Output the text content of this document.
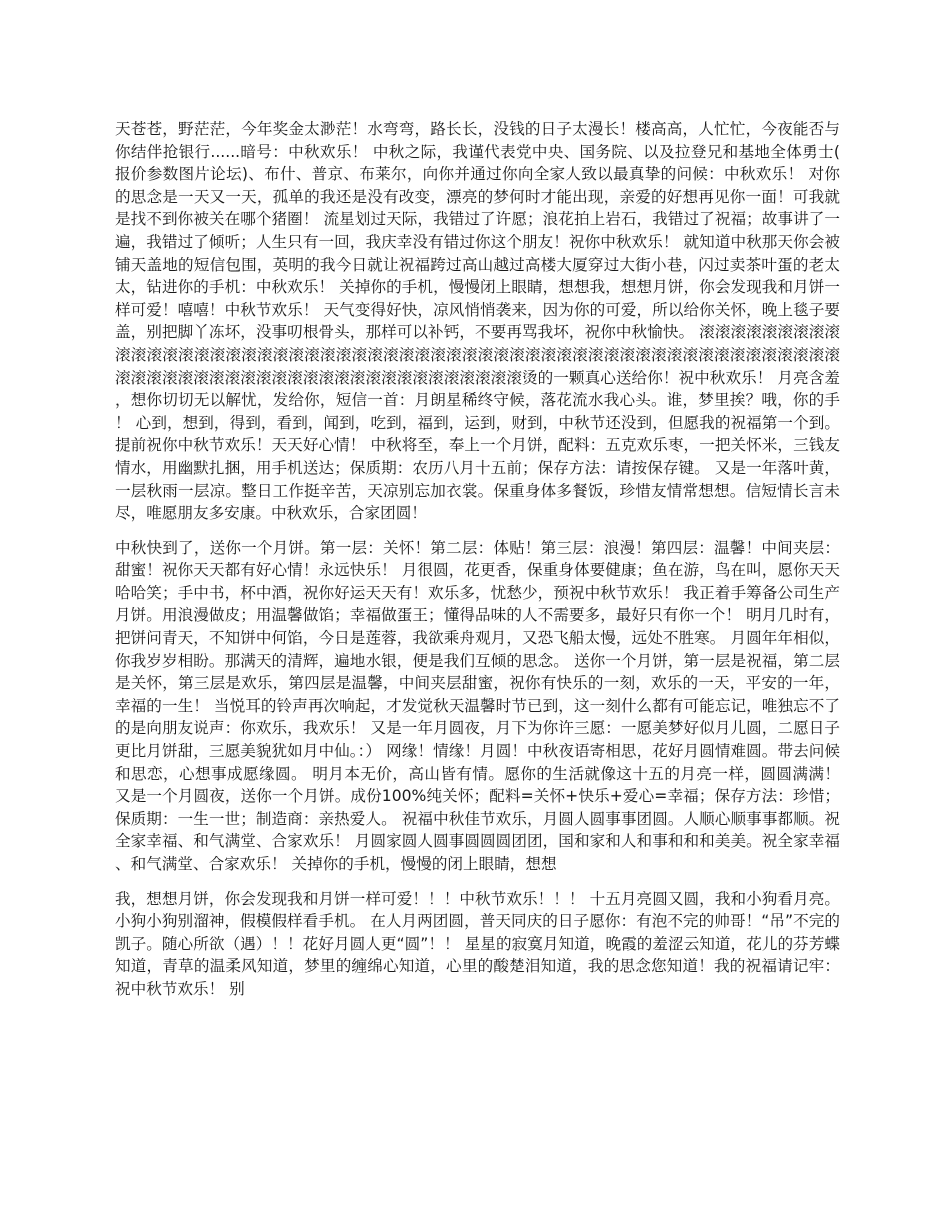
天苍苍，野茫茫，今年奖金太渺茫！水弯弯，路长长，没钱的日子太漫长！楼高高，人忙忙，今夜能否与你结伴抢银行......暗号：中秋欢乐！ 中秋之际，我谨代表党中央、国务院、以及拉登兄和基地全体勇士(报价参数图片论坛)、布什、普京、布莱尔，向你并通过你向全家人致以最真挚的问候：中秋欢乐！ 对你的思念是一天又一天，孤单的我还是没有改变，漂亮的梦何时才能出现，亲爱的好想再见你一面！可我就是找不到你被关在哪个猪圈！ 流星划过天际，我错过了许愿；浪花拍上岩石，我错过了祝福；故事讲了一遍，我错过了倾听；人生只有一回，我庆幸没有错过你这个朋友！祝你中秋欢乐！ 就知道中秋那天你会被铺天盖地的短信包围，英明的我今日就让祝福跨过高山越过高楼大厦穿过大街小巷，闪过卖茶叶蛋的老太太，钻进你的手机：中秋欢乐！ 关掉你的手机，慢慢闭上眼睛，想想我，想想月饼，你会发现我和月饼一样可爱！嘻嘻！中秋节欢乐！ 天气变得好快，凉风悄悄袭来，因为你的可爱，所以给你关怀，晚上毯子要盖，别把脚丫冻坏，没事叨根骨头，那样可以补钙，不要再骂我坏，祝你中秋愉快。 滚滚滚滚滚滚滚滚滚滚滚滚滚滚滚滚滚滚滚滚滚滚滚滚滚滚滚滚滚滚滚滚滚滚滚滚滚滚滚滚滚滚滚滚滚滚滚滚滚滚滚滚滚滚滚滚滚滚滚滚滚滚滚滚滚滚滚滚滚滚滚滚滚滚滚滚滚滚滚滚滚烫的一颗真心送给你！祝中秋欢乐！ 月亮含羞，想你切切无以解忧，发给你，短信一首：月朗星稀终守候，落花流水我心头。谁，梦里挨？哦，你的手！ 心到，想到，得到，看到，闻到，吃到，福到，运到，财到，中秋节还没到，但愿我的祝福第一个到。提前祝你中秋节欢乐！天天好心情！ 中秋将至，奉上一个月饼，配料：五克欢乐枣，一把关怀米，三钱友情水，用幽默扎捆，用手机送达；保质期：农历八月十五前；保存方法：请按保存键。 又是一年落叶黄，一层秋雨一层凉。整日工作挺辛苦，天凉别忘加衣裳。保重身体多餐饭，珍惜友情常想想。信短情长言未尽，唯愿朋友多安康。中秋欢乐，合家团圆！

中秋快到了，送你一个月饼。第一层：关怀！第二层：体贴！第三层：浪漫！第四层：温馨！中间夹层：甜蜜！祝你天天都有好心情！永远快乐！ 月很圆，花更香，保重身体要健康；鱼在游，鸟在叫，愿你天天哈哈笑；手中书，杯中酒，祝你好运天天有！欢乐多，忧愁少，预祝中秋节欢乐！ 我正着手筹备公司生产月饼。用浪漫做皮；用温馨做馅；幸福做蛋王；懂得品味的人不需要多，最好只有你一个！ 明月几时有，把饼问青天，不知饼中何馅，今日是莲蓉，我欲乘舟观月，又恐飞船太慢，远处不胜寒。 月圆年年相似，你我岁岁相盼。那满天的清辉，遍地水银，便是我们互倾的思念。 送你一个月饼，第一层是祝福，第二层是关怀，第三层是欢乐，第四层是温馨，中间夹层甜蜜，祝你有快乐的一刻，欢乐的一天，平安的一年，幸福的一生！ 当悦耳的铃声再次响起，才发觉秋天温馨时节已到，这一刻什么都有可能忘记，唯独忘不了的是向朋友说声：你欢乐，我欢乐！ 又是一年月圆夜，月下为你许三愿：一愿美梦好似月儿圆，二愿日子更比月饼甜，三愿美貌犹如月中仙。：） 网缘！情缘！月圆！中秋夜语寄相思，花好月圆情难圆。带去问候和思恋，心想事成愿缘圆。 明月本无价，高山皆有情。愿你的生活就像这十五的月亮一样，圆圆满满！ 又是一个月圆夜，送你一个月饼。成份100%纯关怀；配料=关怀+快乐+爱心=幸福；保存方法：珍惜；保质期：一生一世；制造商：亲热爱人。 祝福中秋佳节欢乐，月圆人圆事事团圆。人顺心顺事事都顺。祝全家幸福、和气满堂、合家欢乐！ 月圆家圆人圆事圆圆圆团团，国和家和人和事和和和美美。祝全家幸福、和气满堂、合家欢乐！ 关掉你的手机，慢慢的闭上眼睛，想想

我，想想月饼，你会发现我和月饼一样可爱！！！中秋节欢乐！！！ 十五月亮圆又圆，我和小狗看月亮。小狗小狗别溜神，假模假样看手机。 在人月两团圆，普天同庆的日子愿你：有泡不完的帅哥！“吊”不完的凯子。随心所欲（遇）！！花好月圆人更“圆”！！ 星星的寂寞月知道，晚霞的羞涩云知道，花儿的芬芳蝶知道，青草的温柔风知道，梦里的缠绵心知道，心里的酸楚泪知道，我的思念您知道！我的祝福请记牢：祝中秋节欢乐！ 别
